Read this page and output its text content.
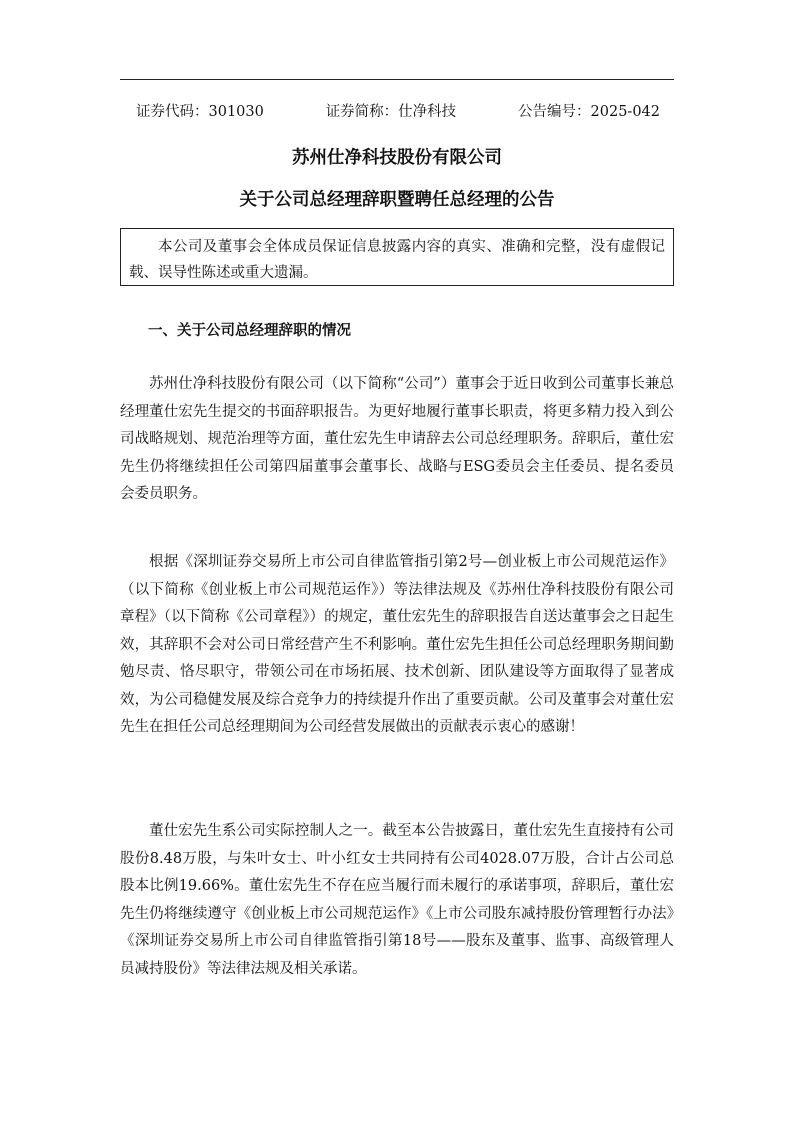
证券代码：301030	证券简称：仕净科技	公告编号：2025-042
苏州仕净科技股份有限公司
关于公司总经理辞职暨聘任总经理的公告
本公司及董事会全体成员保证信息披露内容的真实、准确和完整，没有虚假记载、误导性陈述或重大遗漏。
一、关于公司总经理辞职的情况

苏州仕净科技股份有限公司（以下简称“公司”）董事会于近日收到公司董事长兼总经理董仕宏先生提交的书面辞职报告。为更好地履行董事长职责，将更多精力投入到公司战略规划、规范治理等方面，董仕宏先生申请辞去公司总经理职务。辞职后，董仕宏先生仍将继续担任公司第四届董事会董事长、战略与ESG委员会主任委员、提名委员会委员职务。

根据《深圳证券交易所上市公司自律监管指引第2号—创业板上市公司规范运作》（以下简称《创业板上市公司规范运作》）等法律法规及《苏州仕净科技股份有限公司章程》（以下简称《公司章程》）的规定，董仕宏先生的辞职报告自送达董事会之日起生效，其辞职不会对公司日常经营产生不利影响。董仕宏先生担任公司总经理职务期间勤勉尽责、恪尽职守，带领公司在市场拓展、技术创新、团队建设等方面取得了显著成效，为公司稳健发展及综合竞争力的持续提升作出了重要贡献。公司及董事会对董仕宏先生在担任公司总经理期间为公司经营发展做出的贡献表示衷心的感谢！

董仕宏先生系公司实际控制人之一。截至本公告披露日，董仕宏先生直接持有公司股份8.48万股，与朱叶女士、叶小红女士共同持有公司4028.07万股，合计占公司总股本比例19.66%。董仕宏先生不存在应当履行而未履行的承诺事项，辞职后，董仕宏先生仍将继续遵守《创业板上市公司规范运作》《上市公司股东减持股份管理暂行办法》《深圳证券交易所上市公司自律监管指引第18号——股东及董事、监事、高级管理人员减持股份》等法律法规及相关承诺。
